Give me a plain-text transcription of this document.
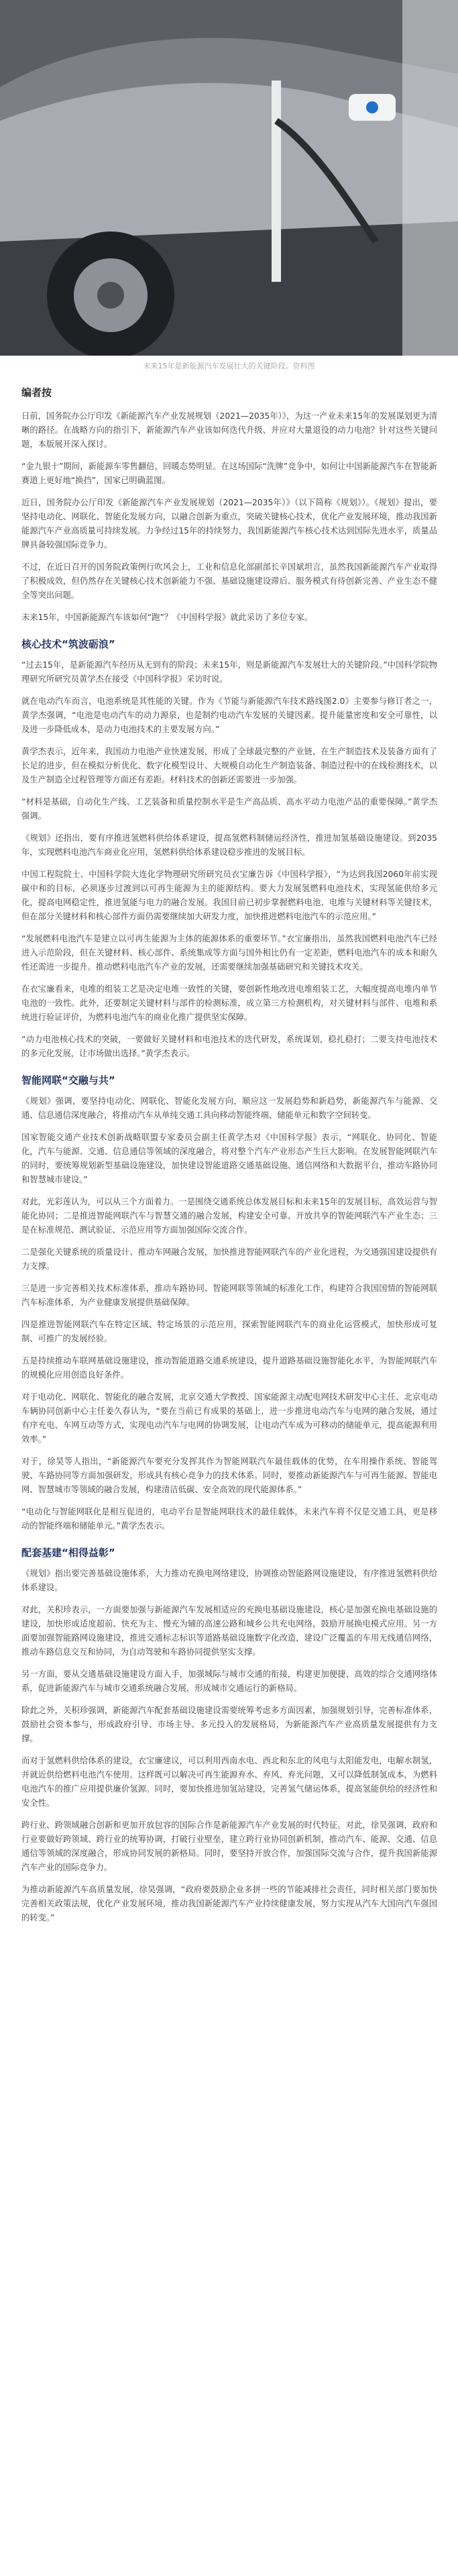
未来15年是新能源汽车发展壮大的关键阶段。资料图
编者按

日前，国务院办公厅印发《新能源汽车产业发展规划（2021—2035年）》，为这一产业未来15年的发展谋划更为清晰的路径。在战略方向的指引下，新能源汽车产业该如何迭代升级、并应对大量退役的动力电池？针对这些关键问题，本版展开深入探讨。

“金九银十”期间，新能源车零售翻倍，回暖态势明显。在这场国际“洗牌”竞争中，如何让中国新能源汽车在智能新赛道上更好地“换挡”，国家已明确蓝图。

近日，国务院办公厅印发《新能源汽车产业发展规划（2021—2035年）》（以下简称《规划》）。《规划》提出，要坚持电动化、网联化、智能化发展方向，以融合创新为重点，突破关键核心技术，优化产业发展环境，推动我国新能源汽车产业高质量可持续发展。力争经过15年的持续努力，我国新能源汽车核心技术达到国际先进水平，质量品牌具备较强国际竞争力。

不过，在近日召开的国务院政策例行吹风会上，工业和信息化部副部长辛国斌坦言，虽然我国新能源汽车产业取得了积极成效，但仍然存在关键核心技术创新能力不强、基础设施建设滞后、服务模式有待创新完善、产业生态不健全等突出问题。

未来15年，中国新能源汽车该如何“跑”？《中国科学报》就此采访了多位专家。

核心技术“筑波砺浪”

“过去15年，是新能源汽车经历从无到有的阶段；未来15年，则是新能源汽车发展壮大的关键阶段。”中国科学院物理研究所研究员黄学杰在接受《中国科学报》采访时说。

就在电动汽车而言，电池系统是其性能的关键。作为《节能与新能源汽车技术路线图2.0》主要参与修订者之一，黄学杰强调，“电池是电动汽车的动力源泉，也是制约电动汽车发展的关键因素。提升能量密度和安全可靠性，以及进一步降低成本，是动力电池技术的主要发展方向。”

黄学杰表示，近年来，我国动力电池产业快速发展，形成了全球最完整的产业链，在生产制造技术及装备方面有了长足的进步，但在模拟分析优化、数字化模型设计、大规模自动化生产制造装备、制造过程中的在线检测技术，以及生产制造全过程管理等方面还有差距。材料技术的创新还需要进一步加强。

“材料是基础，自动化生产线、工艺装备和质量控制水平是生产高品质、高水平动力电池产品的重要保障。”黄学杰强调。

《规划》还指出，要有序推进氢燃料供给体系建设，提高氢燃料制储运经济性，推进加氢基础设施建设。到2035年，实现燃料电池汽车商业化应用，氢燃料供给体系建设稳步推进的发展目标。

中国工程院院士、中国科学院大连化学物理研究所研究员衣宝廉告诉《中国科学报》，“为达到我国2060年前实现碳中和的目标，必须逐步过渡到以可再生能源为主的能源结构。要大力发展氢燃料电池技术，实现氢能供给多元化，提高电网稳定性，推进氢能与电力的融合发展。我国目前已初步掌握燃料电池、电堆与关键材料等关键技术，但在部分关键材料和核心部件方面仍需要继续加大研发力度，加快推进燃料电池汽车的示范应用。”

“发展燃料电池汽车是建立以可再生能源为主体的能源体系的重要环节。”衣宝廉指出，虽然我国燃料电池汽车已经进入示范阶段，但在关键材料、核心部件、系统集成等方面与国外相比仍有一定差距，燃料电池汽车的成本和耐久性还需进一步提升。推动燃料电池汽车产业的发展，还需要继续加强基础研究和关键技术攻关。

在衣宝廉看来，电堆的组装工艺是决定电堆一致性的关键，要创新性地改进电堆组装工艺，大幅度提高电堆内单节电池的一致性。此外，还要制定关键材料与部件的检测标准，成立第三方检测机构，对关键材料与部件、电堆和系统进行验证评价，为燃料电池汽车的商业化推广提供坚实保障。

“动力电池核心技术的突破，一要做好关键材料和电池技术的迭代研发，系统谋划，稳扎稳打；二要支持电池技术的多元化发展，让市场做出选择。”黄学杰表示。

智能网联“交融与共”

《规划》强调，要坚持电动化、网联化、智能化发展方向，顺应这一发展趋势和新趋势，新能源汽车与能源、交通、信息通信深度融合，将推动汽车从单纯交通工具向移动智能终端、储能单元和数字空间转变。

国家智能交通产业技术创新战略联盟专家委员会副主任黄学杰对《中国科学报》表示，“网联化、协同化、智能化，汽车与能源、交通、信息通信等领域的深度融合，将对整个汽车产业形态产生巨大影响。在发展智能网联汽车的同时，要统筹规划新型基础设施建设，加快建设智能道路交通基础设施、通信网络和大数据平台，推动车路协同和智慧城市建设。”

对此，光彩莲认为，可以从三个方面着力。一是围绕交通系统总体发展目标和未来15年的发展目标，高效运营与智能化协同；二是推进智能网联汽车与智慧交通的融合发展，构建安全可靠、开放共享的智能网联汽车产业生态；三是在标准规范、测试验证、示范应用等方面加强国际交流合作。

二是强化关键系统的质量设计、推动车网融合发展，加快推进智能网联汽车的产业化进程，为交通强国建设提供有力支撑。

三是进一步完善相关技术标准体系，推动车路协同、智能网联等领域的标准化工作，构建符合我国国情的智能网联汽车标准体系，为产业健康发展提供基础保障。

四是推进智能网联汽车在特定区域、特定场景的示范应用，探索智能网联汽车的商业化运营模式，加快形成可复制、可推广的发展经验。

五是持续推动车联网基础设施建设，推动智能道路交通系统建设，提升道路基础设施智能化水平，为智能网联汽车的规模化应用创造良好条件。

对于电动化、网联化、智能化的融合发展，北京交通大学教授、国家能源主动配电网技术研发中心主任、北京电动车辆协同创新中心主任姜久春认为，“要在当前已有成果的基础上，进一步推进电动汽车与电网的融合发展，通过有序充电、车网互动等方式，实现电动汽车与电网的协调发展，让电动汽车成为可移动的储能单元，提高能源利用效率。”

对于，徐昊等人指出，“新能源汽车要充分发挥其作为智能网联汽车最佳载体的优势，在车用操作系统、智能驾驶、车路协同等方面加强研发，形成具有核心竞争力的技术体系。同时，要推动新能源汽车与可再生能源、智能电网、智慧城市等领域的融合发展，构建清洁低碳、安全高效的现代能源体系。”

“电动化与智能网联化是相互促进的，电动平台是智能网联技术的最佳载体，未来汽车将不仅是交通工具，更是移动的智能终端和储能单元。”黄学杰表示。

配套基建“相得益彰”

《规划》指出要完善基础设施体系，大力推动充换电网络建设，协调推动智能路网设施建设，有序推进氢燃料供给体系建设。

对此，关积珍表示，一方面要加强与新能源汽车发展相适应的充换电基础设施建设，核心是加强充换电基础设施的建设，加快形成适度超前、快充为主、慢充为辅的高速公路和城乡公共充电网络，鼓励开展换电模式应用。另一方面要加强智能路网设施建设，推进交通标志标识等道路基础设施数字化改造，建设广泛覆盖的车用无线通信网络，推动车路信息交互和协同，为自动驾驶和车路协同提供坚实支撑。

另一方面，要从交通基础设施建设方面入手，加强城际与城市交通的衔接，构建更加便捷、高效的综合交通网络体系，促进新能源汽车与城市交通系统融合发展，形成城市交通运行的新格局。

除此之外，关积珍强调，新能源汽车配套基础设施建设需要统筹考虑多方面因素，加强规划引导，完善标准体系，鼓励社会资本参与，形成政府引导、市场主导、多元投入的发展格局，为新能源汽车产业高质量发展提供有力支撑。

而对于氢燃料供给体系的建设，衣宝廉建议，可以利用西南水电、西北和东北的风电与太阳能发电，电解水制氢，并就近供给燃料电池汽车使用。这样既可以解决可再生能源弃水、弃风、弃光问题，又可以降低制氢成本，为燃料电池汽车的推广应用提供廉价氢源。同时，要加快推进加氢站建设，完善氢气储运体系，提高氢能供给的经济性和安全性。

跨行业、跨领域融合创新和更加开放包容的国际合作是新能源汽车产业发展的时代特征。对此，徐昊强调，政府和行业要做好跨领域、跨行业的统筹协调，打破行业壁垒，建立跨行业协同创新机制，推动汽车、能源、交通、信息通信等领域的深度融合，形成协同发展的新格局。同时，要坚持开放合作，加强国际交流与合作，提升我国新能源汽车产业的国际竞争力。

为推动新能源汽车高质量发展，徐昊强调，“政府要鼓励企业多拼一些的节能减排社会责任，同时相关部门要加快完善相关政策法规，优化产业发展环境，推动我国新能源汽车产业持续健康发展，努力实现从汽车大国向汽车强国的转变。”
